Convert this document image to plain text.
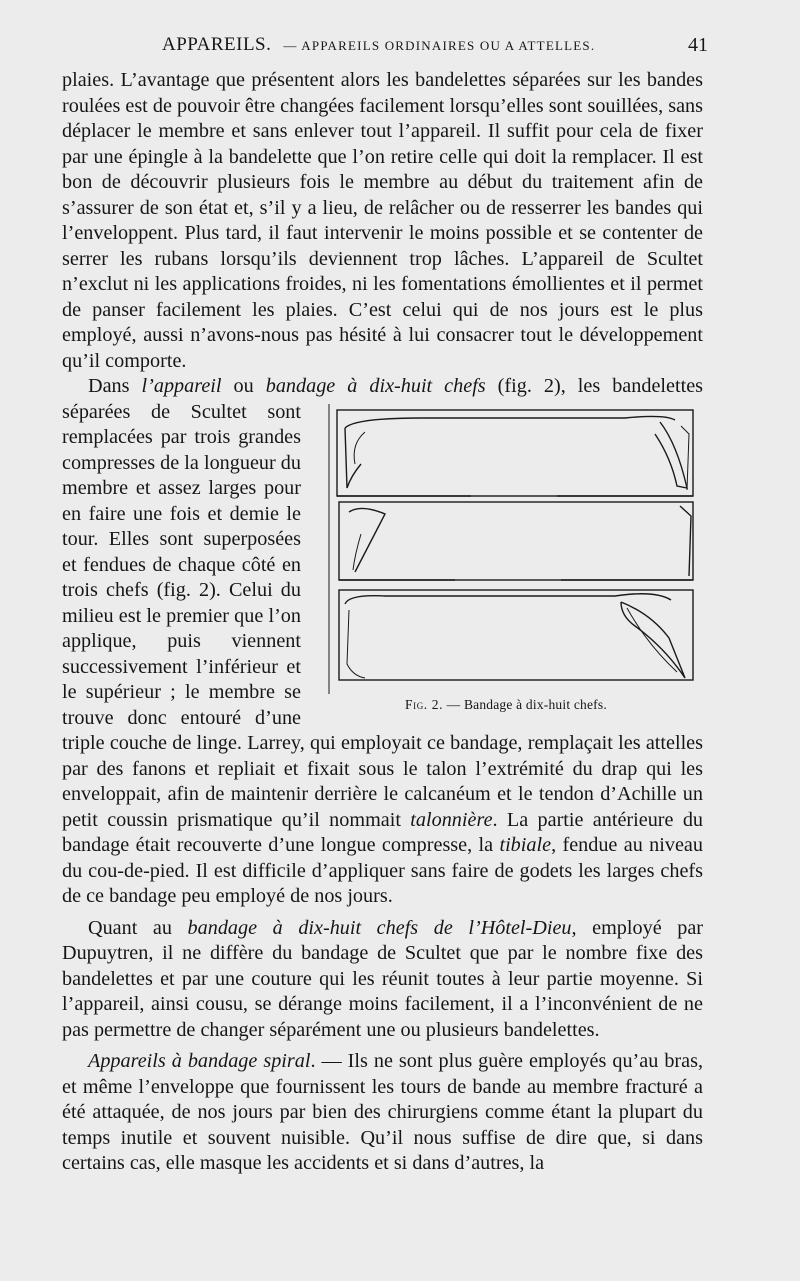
APPAREILS. — APPAREILS ORDINAIRES OU A ATTELLES.	41

plaies. L’avantage que présentent alors les bandelettes séparées sur les bandes roulées est de pouvoir être changées facilement lorsqu’elles sont souillées, sans déplacer le membre et sans enlever tout l’appareil. Il suffit pour cela de fixer par une épingle à la bandelette que l’on retire celle qui doit la remplacer. Il est bon de découvrir plusieurs fois le membre au début du traitement afin de s’assurer de son état et, s’il y a lieu, de relâcher ou de resserrer les bandes qui l’enveloppent. Plus tard, il faut intervenir le moins possible et se contenter de serrer les rubans lorsqu’ils deviennent trop lâches. L’appareil de Scultet n’exclut ni les applications froides, ni les fomentations émollientes et il permet de panser facilement les plaies. C’est celui qui de nos jours est le plus employé, aussi n’avons-nous pas hésité à lui consacrer tout le développement qu’il comporte.

Dans l’appareil ou bandage à dix-huit chefs
Fig. 2. — Bandage à dix-huit chefs.
(fig. 2), les bandelettes séparées de Scultet sont remplacées par trois grandes compresses de la longueur du membre et assez larges pour en faire une fois et demie le tour. Elles sont superposées et fendues de chaque côté en trois chefs (fig. 2). Celui du milieu est le premier que l’on applique, puis viennent successivement l’inférieur et le supérieur ; le membre se trouve donc entouré d’une triple couche de linge. Larrey, qui employait ce bandage, remplaçait les attelles par des fanons et repliait et fixait sous le talon l’extrémité du drap qui les enveloppait, afin de maintenir derrière le calcanéum et le tendon d’Achille un petit coussin prismatique qu’il nommait talonnière. La partie antérieure du bandage était recouverte d’une longue compresse, la tibiale, fendue au niveau du cou-de-pied. Il est difficile d’appliquer sans faire de godets les larges chefs de ce bandage peu employé de nos jours.

Quant au bandage à dix-huit chefs de l’Hôtel-Dieu, employé par Dupuytren, il ne diffère du bandage de Scultet que par le nombre fixe des bandelettes et par une couture qui les réunit toutes à leur partie moyenne. Si l’appareil, ainsi cousu, se dérange moins facilement, il a l’inconvénient de ne pas permettre de changer séparément une ou plusieurs bandelettes.

Appareils à bandage spiral. — Ils ne sont plus guère employés qu’au bras, et même l’enveloppe que fournissent les tours de bande au membre fracturé a été attaquée, de nos jours par bien des chirurgiens comme étant la plupart du temps inutile et souvent nuisible. Qu’il nous suffise de dire que, si dans certains cas, elle masque les accidents et si dans d’autres, la
